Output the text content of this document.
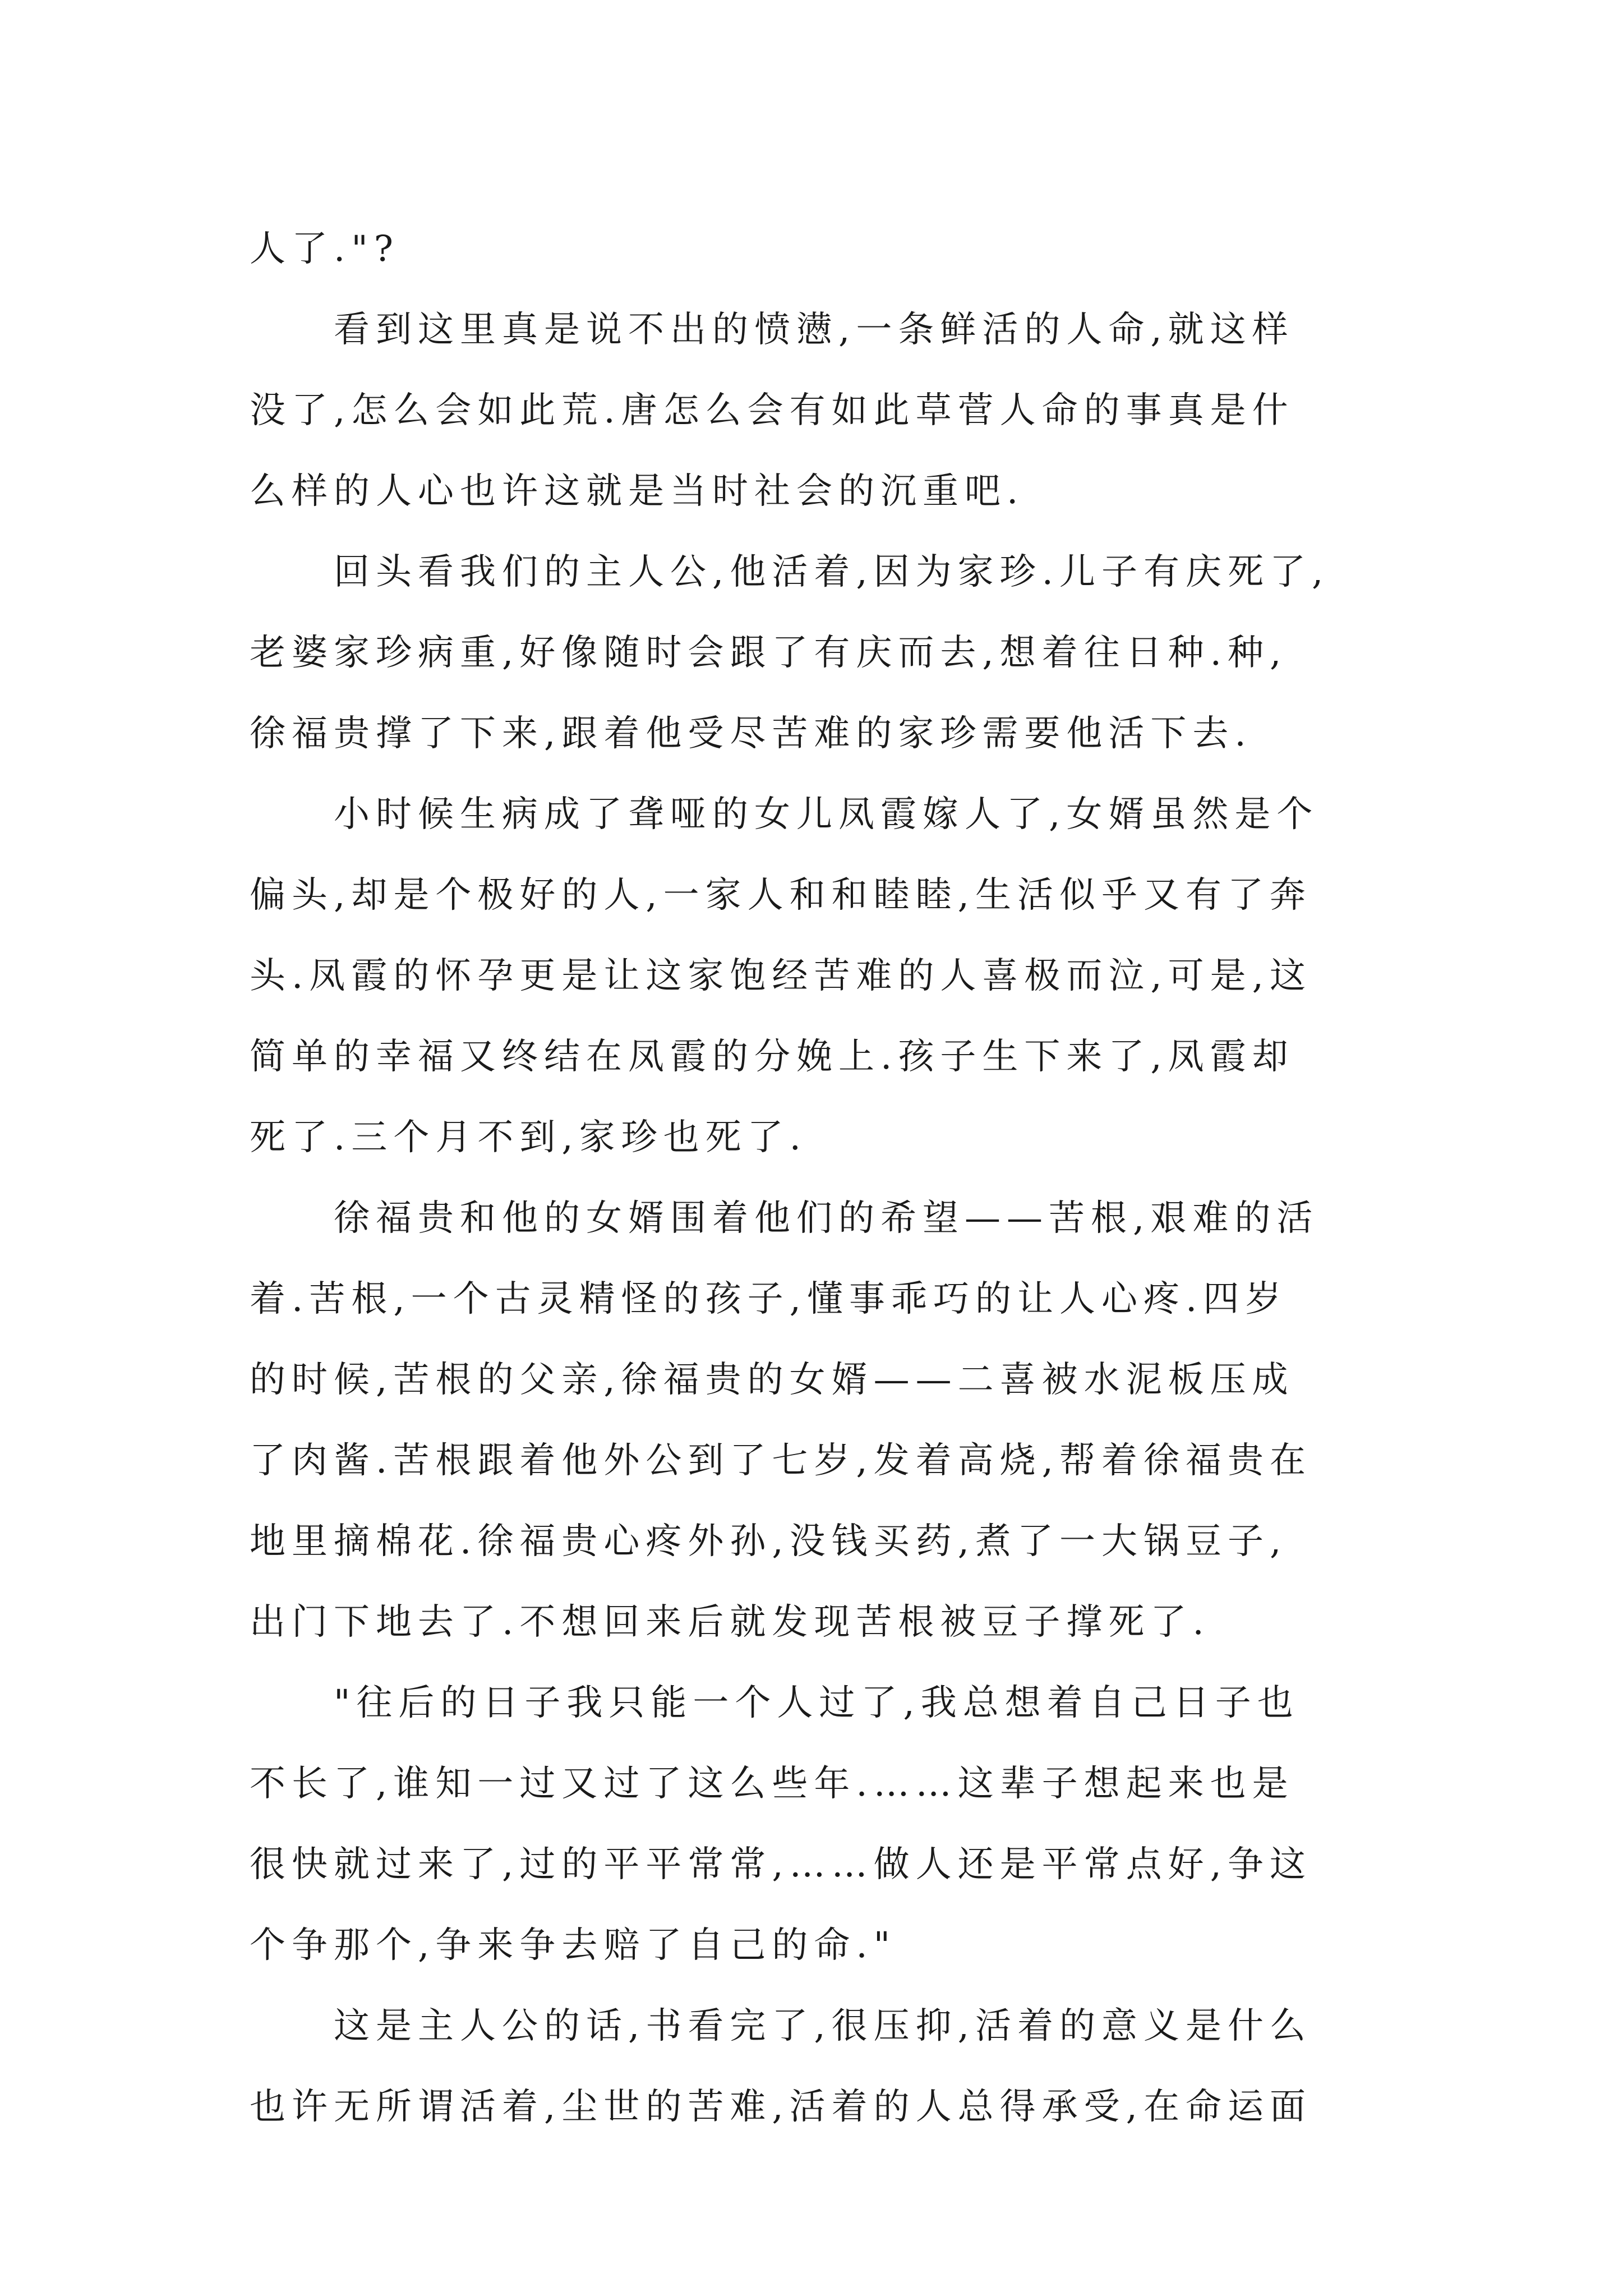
人了."?
看到这里真是说不出的愤懑,一条鲜活的人命,就这样
没了,怎么会如此荒.唐怎么会有如此草菅人命的事真是什
么样的人心也许这就是当时社会的沉重吧.
回头看我们的主人公,他活着,因为家珍.儿子有庆死了,
老婆家珍病重,好像随时会跟了有庆而去,想着往日种.种,
徐福贵撑了下来,跟着他受尽苦难的家珍需要他活下去.
小时候生病成了聋哑的女儿凤霞嫁人了,女婿虽然是个
偏头,却是个极好的人,一家人和和睦睦,生活似乎又有了奔
头.凤霞的怀孕更是让这家饱经苦难的人喜极而泣,可是,这
简单的幸福又终结在凤霞的分娩上.孩子生下来了,凤霞却
死了.三个月不到,家珍也死了.
徐福贵和他的女婿围着他们的希望——苦根,艰难的活
着.苦根,一个古灵精怪的孩子,懂事乖巧的让人心疼.四岁
的时候,苦根的父亲,徐福贵的女婿——二喜被水泥板压成
了肉酱.苦根跟着他外公到了七岁,发着高烧,帮着徐福贵在
地里摘棉花.徐福贵心疼外孙,没钱买药,煮了一大锅豆子,
出门下地去了.不想回来后就发现苦根被豆子撑死了.
"往后的日子我只能一个人过了,我总想着自己日子也
不长了,谁知一过又过了这么些年.……这辈子想起来也是
很快就过来了,过的平平常常,……做人还是平常点好,争这
个争那个,争来争去赔了自己的命."
这是主人公的话,书看完了,很压抑,活着的意义是什么
也许无所谓活着,尘世的苦难,活着的人总得承受,在命运面
